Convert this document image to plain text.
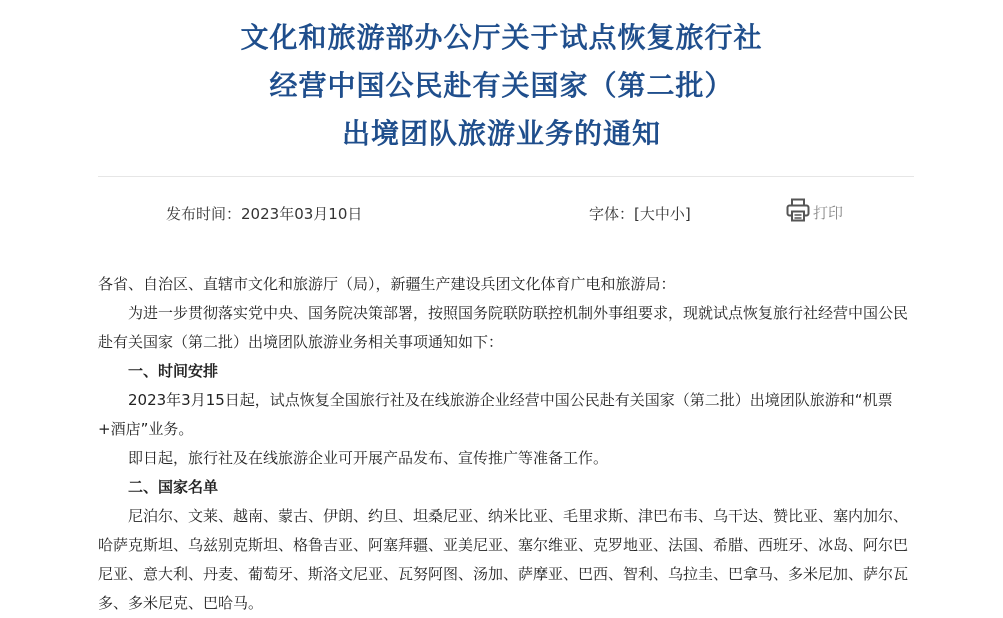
文化和旅游部办公厅关于试点恢复旅行社
经营中国公民赴有关国家（第二批）
出境团队旅游业务的通知
发布时间：2023年03月10日	字体：[大中小]	打印

各省、自治区、直辖市文化和旅游厅（局），新疆生产建设兵团文化体育广电和旅游局：

为进一步贯彻落实党中央、国务院决策部署，按照国务院联防联控机制外事组要求，现就试点恢复旅行社经营中国公民赴有关国家（第二批）出境团队旅游业务相关事项通知如下：

一、时间安排

2023年3月15日起，试点恢复全国旅行社及在线旅游企业经营中国公民赴有关国家（第二批）出境团队旅游和“机票+酒店”业务。

即日起，旅行社及在线旅游企业可开展产品发布、宣传推广等准备工作。

二、国家名单

尼泊尔、文莱、越南、蒙古、伊朗、约旦、坦桑尼亚、纳米比亚、毛里求斯、津巴布韦、乌干达、赞比亚、塞内加尔、哈萨克斯坦、乌兹别克斯坦、格鲁吉亚、阿塞拜疆、亚美尼亚、塞尔维亚、克罗地亚、法国、希腊、西班牙、冰岛、阿尔巴尼亚、意大利、丹麦、葡萄牙、斯洛文尼亚、瓦努阿图、汤加、萨摩亚、巴西、智利、乌拉圭、巴拿马、多米尼加、萨尔瓦多、多米尼克、巴哈马。
